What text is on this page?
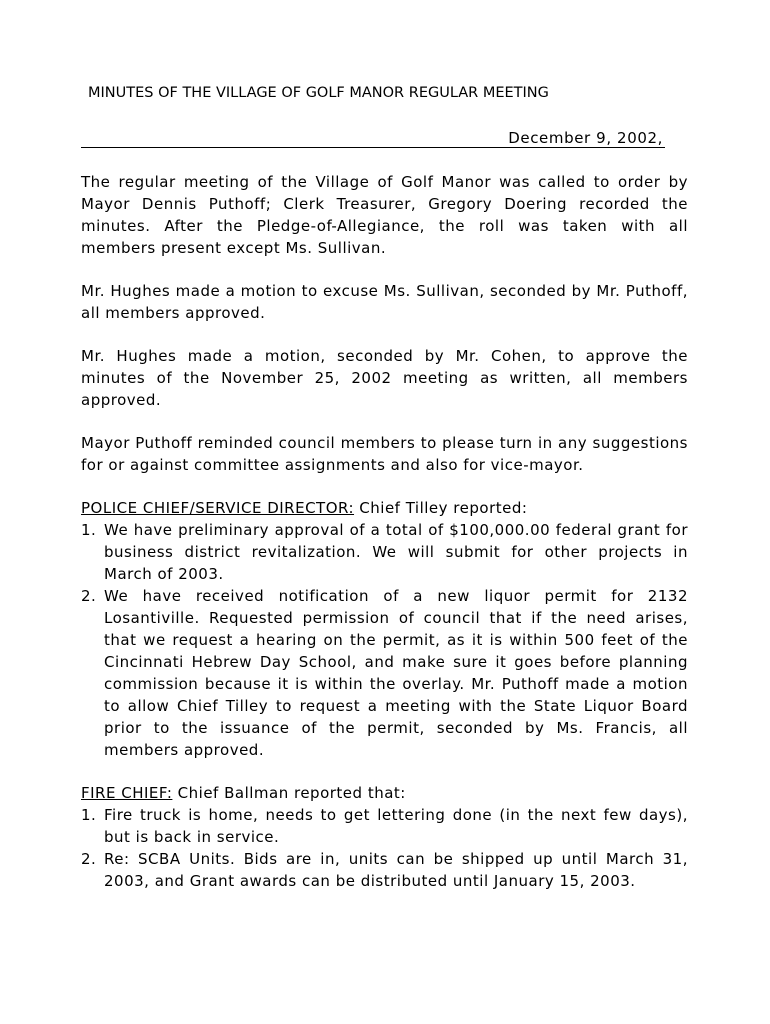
MINUTES OF THE VILLAGE OF GOLF MANOR REGULAR MEETING
December 9, 2002,

The regular meeting of the Village of Golf Manor was called to order by Mayor Dennis Puthoff; Clerk Treasurer, Gregory Doering recorded the minutes. After the Pledge-of-Allegiance, the roll was taken with all members present except Ms. Sullivan.

Mr. Hughes made a motion to excuse Ms. Sullivan, seconded by Mr. Puthoff, all members approved.

Mr. Hughes made a motion, seconded by Mr. Cohen, to approve the minutes of the November 25, 2002 meeting as written, all members approved.

Mayor Puthoff reminded council members to please turn in any suggestions for or against committee assignments and also for vice-mayor.

POLICE CHIEF/SERVICE DIRECTOR: Chief Tilley reported:

1. We have preliminary approval of a total of $100,000.00 federal grant for business district revitalization. We will submit for other projects in March of 2003.
2. We have received notification of a new liquor permit for 2132 Losantiville. Requested permission of council that if the need arises, that we request a hearing on the permit, as it is within 500 feet of the Cincinnati Hebrew Day School, and make sure it goes before planning commission because it is within the overlay. Mr. Puthoff made a motion to allow Chief Tilley to request a meeting with the State Liquor Board prior to the issuance of the permit, seconded by Ms. Francis, all members approved.

FIRE CHIEF: Chief Ballman reported that:

1. Fire truck is home, needs to get lettering done (in the next few days), but is back in service.
2. Re: SCBA Units. Bids are in, units can be shipped up until March 31, 2003, and Grant awards can be distributed until January 15, 2003.
